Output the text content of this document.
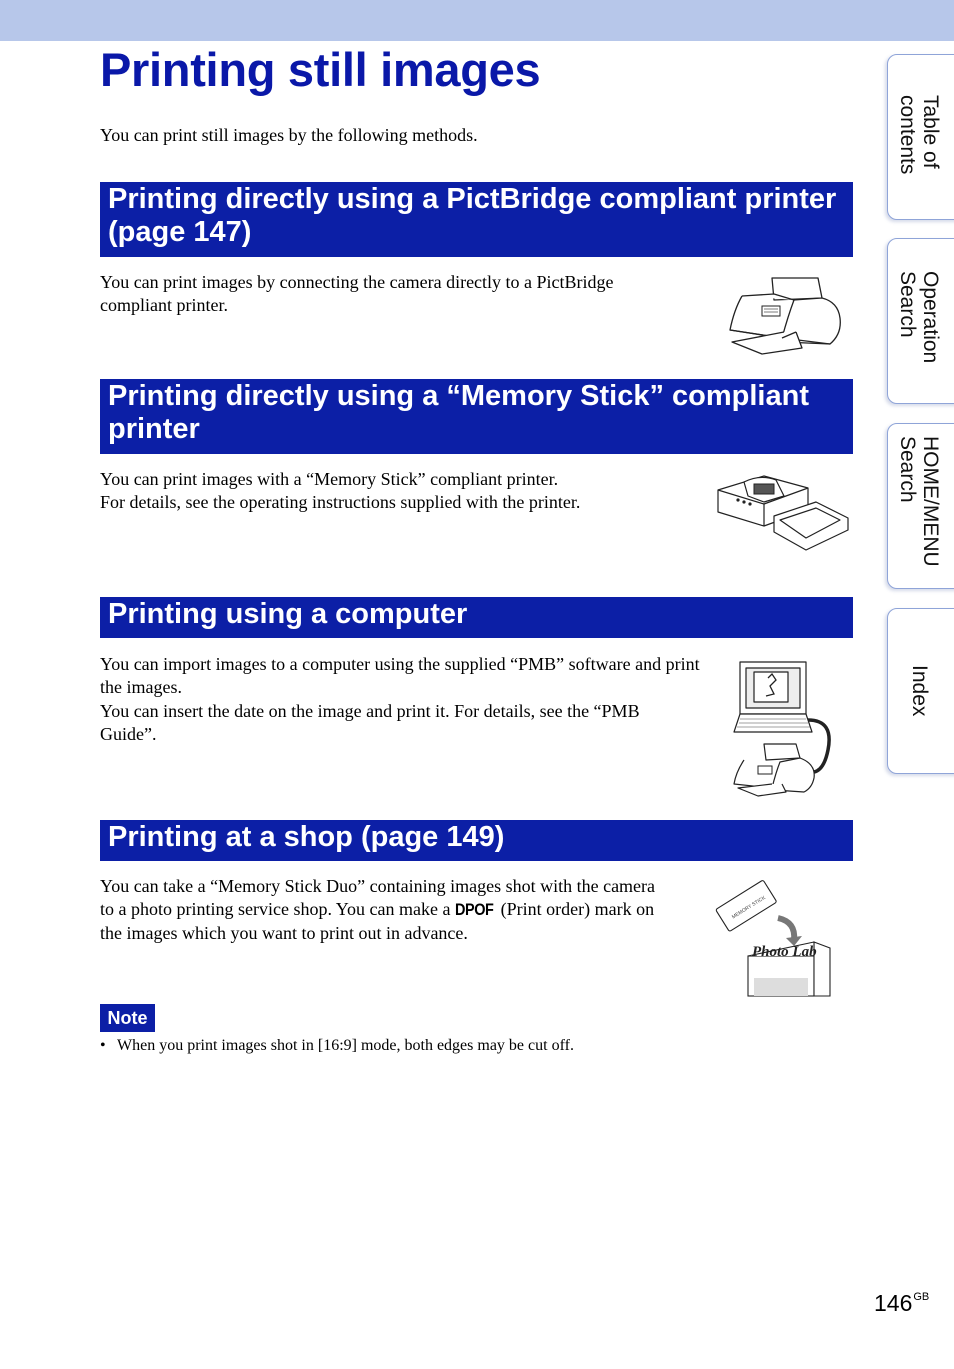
Printing still images
You can print still images by the following methods.
Printing directly using a PictBridge compliant printer (page 147)

You can print images by connecting the camera directly to a PictBridge compliant printer.

Printing directly using a “Memory Stick” compliant printer

You can print images with a “Memory Stick” compliant printer.

For details, see the operating instructions supplied with the printer.

Printing using a computer

You can import images to a computer using the supplied “PMB” software and print the images.

You can insert the date on the image and print it. For details, see the “PMB Guide”.

Printing at a shop (page 149)

You can take a “Memory Stick Duo” containing images shot with the camera to a photo printing service shop. You can make a DPOF (Print order) mark on the images which you want to print out in advance.

MEMORY STICK
Photo Lab
Note
• When you print images shot in [16:9] mode, both edges may be cut off.
Table of
contents
Operation
Search
HOME/MENU
Search
Index
$146^{GB}$
